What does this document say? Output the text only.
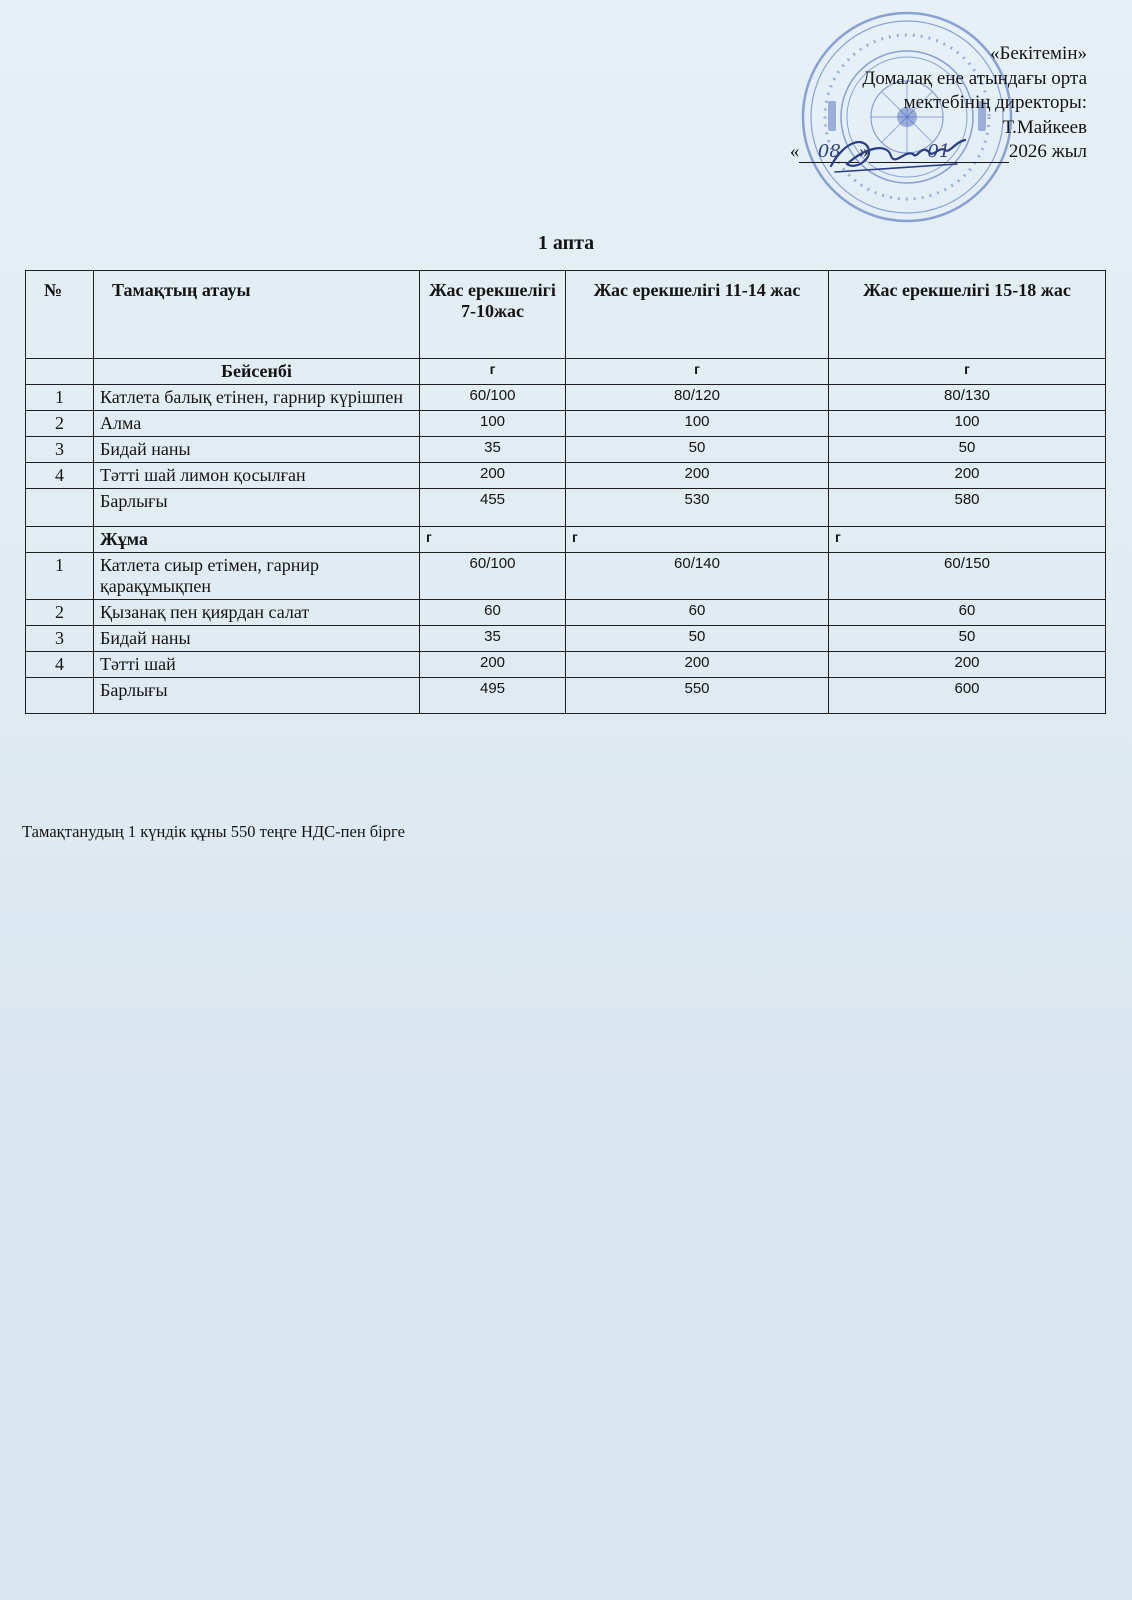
«Бекітемін»
Домалақ ене атындағы орта
мектебінің директоры:
Т.Майкеев
« 08 »	01	2026 жыл
1 апта
№	Тамақтың атауы	Жас ерекшелігі 7-10жас	Жас ерекшелігі 11-14 жас	Жас ерекшелігі 15-18 жас
	Бейсенбі	г	г	г
1	Катлета балық етінен, гарнир күрішпен	60/100	80/120	80/130
2	Алма	100	100	100
3	Бидай наны	35	50	50
4	Тәтті шай лимон қосылған	200	200	200
	Барлығы	455	530	580
	Жұма	г	г	г
1	Катлета сиыр етімен, гарнир қарақұмықпен	60/100	60/140	60/150
2	Қызанақ пен қиярдан салат	60	60	60
3	Бидай наны	35	50	50
4	Тәтті шай	200	200	200
	Барлығы	495	550	600
Тамақтанудың 1 күндік құны 550 теңге НДС-пен бірге
